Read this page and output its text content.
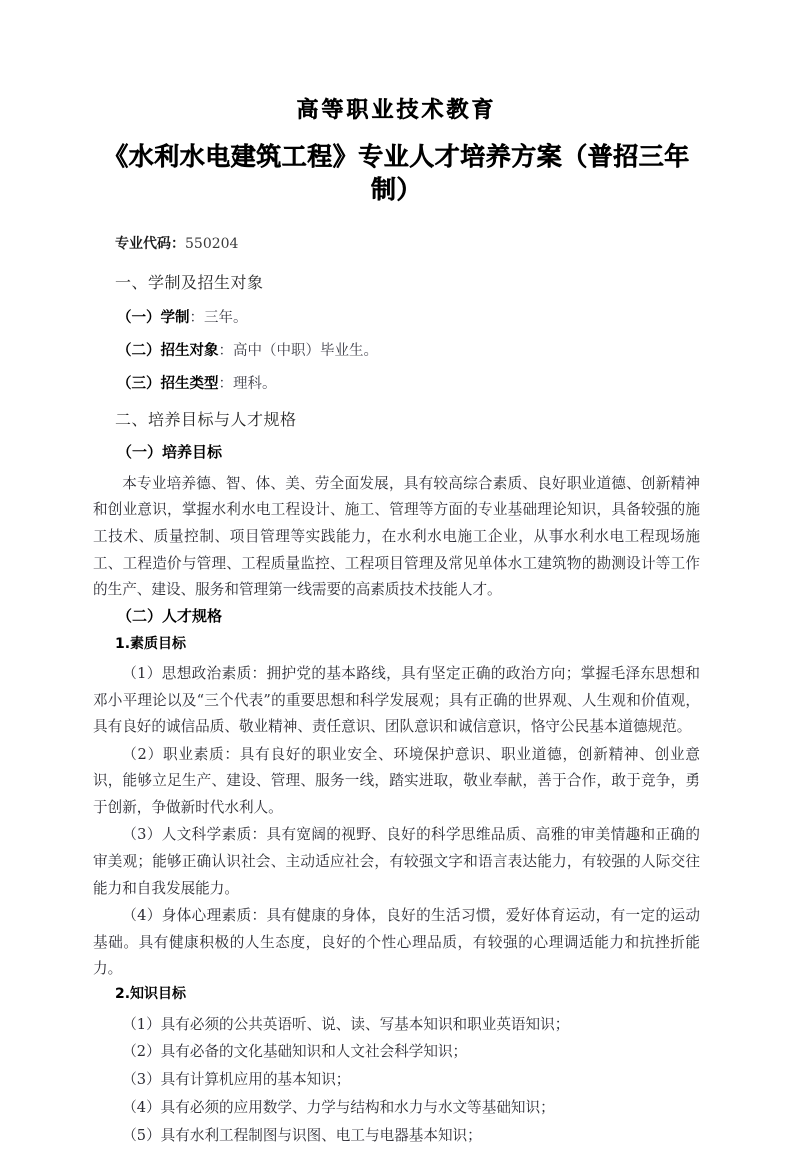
高等职业技术教育
《水利水电建筑工程》专业人才培养方案（普招三年制）

专业代码：550204

一、学制及招生对象

（一）学制：三年。

（二）招生对象：高中（中职）毕业生。

（三）招生类型：理科。

二、培养目标与人才规格
（一）培养目标

本专业培养德、智、体、美、劳全面发展，具有较高综合素质、良好职业道德、创新精神和创业意识，掌握水利水电工程设计、施工、管理等方面的专业基础理论知识，具备较强的施工技术、质量控制、项目管理等实践能力，在水利水电施工企业，从事水利水电工程现场施工、工程造价与管理、工程质量监控、工程项目管理及常见单体水工建筑物的勘测设计等工作的生产、建设、服务和管理第一线需要的高素质技术技能人才。

（二）人才规格
1.素质目标

（1）思想政治素质：拥护党的基本路线，具有坚定正确的政治方向；掌握毛泽东思想和邓小平理论以及“三个代表”的重要思想和科学发展观；具有正确的世界观、人生观和价值观，具有良好的诚信品质、敬业精神、责任意识、团队意识和诚信意识，恪守公民基本道德规范。

（2）职业素质：具有良好的职业安全、环境保护意识、职业道德，创新精神、创业意识，能够立足生产、建设、管理、服务一线，踏实进取，敬业奉献，善于合作，敢于竞争，勇于创新，争做新时代水利人。

（3）人文科学素质：具有宽阔的视野、良好的科学思维品质、高雅的审美情趣和正确的审美观；能够正确认识社会、主动适应社会，有较强文字和语言表达能力，有较强的人际交往能力和自我发展能力。

（4）身体心理素质：具有健康的身体，良好的生活习惯，爱好体育运动，有一定的运动基础。具有健康积极的人生态度，良好的个性心理品质，有较强的心理调适能力和抗挫折能力。

2.知识目标

（1）具有必须的公共英语听、说、读、写基本知识和职业英语知识；

（2）具有必备的文化基础知识和人文社会科学知识；

（3）具有计算机应用的基本知识；

（4）具有必须的应用数学、力学与结构和水力与水文等基础知识；

（5）具有水利工程制图与识图、电工与电器基本知识；
